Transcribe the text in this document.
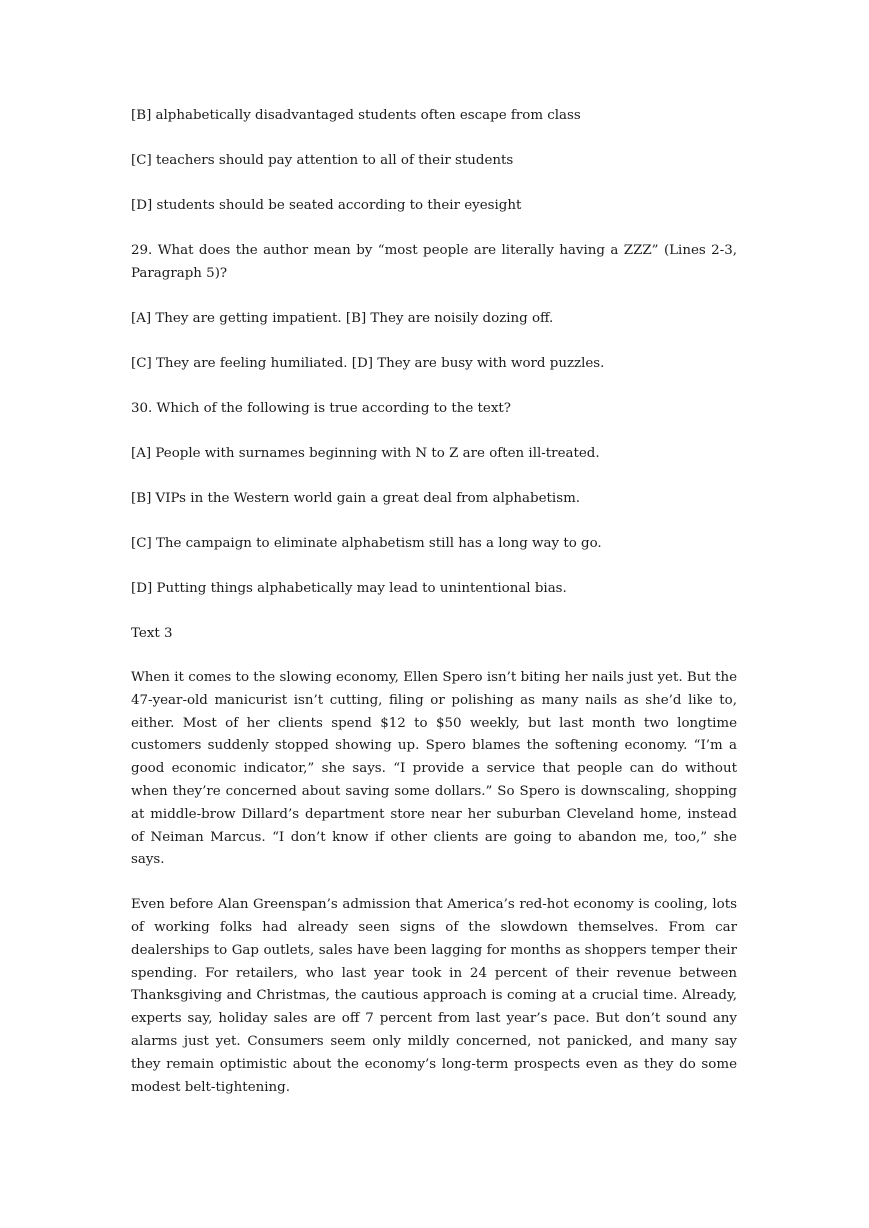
[B] alphabetically disadvantaged students often escape from class
[C] teachers should pay attention to all of their students
[D] students should be seated according to their eyesight
29. What does the author mean by “most people are literally having a ZZZ” (Lines 2-3, Paragraph 5)?
[A] They are getting impatient. [B] They are noisily dozing off.
[C] They are feeling humiliated. [D] They are busy with word puzzles.
30. Which of the following is true according to the text?
[A] People with surnames beginning with N to Z are often ill-treated.
[B] VIPs in the Western world gain a great deal from alphabetism.
[C] The campaign to eliminate alphabetism still has a long way to go.
[D] Putting things alphabetically may lead to unintentional bias.
Text 3

When it comes to the slowing economy, Ellen Spero isn’t biting her nails just yet. But the 47-year-old manicurist isn’t cutting, filing or polishing as many nails as she’d like to, either. Most of her clients spend $12 to $50 weekly, but last month two longtime customers suddenly stopped showing up. Spero blames the softening economy. “I’m a good economic indicator,” she says. “I provide a service that people can do without when they’re concerned about saving some dollars.” So Spero is downscaling, shopping at middle-brow Dillard’s department store near her suburban Cleveland home, instead of Neiman Marcus. “I don’t know if other clients are going to abandon me, too,” she says.

Even before Alan Greenspan’s admission that America’s red-hot economy is cooling, lots of working folks had already seen signs of the slowdown themselves. From car dealerships to Gap outlets, sales have been lagging for months as shoppers temper their spending. For retailers, who last year took in 24 percent of their revenue between Thanksgiving and Christmas, the cautious approach is coming at a crucial time. Already, experts say, holiday sales are off 7 percent from last year’s pace. But don’t sound any alarms just yet. Consumers seem only mildly concerned, not panicked, and many say they remain optimistic about the economy’s long-term prospects even as they do some modest belt-tightening.
